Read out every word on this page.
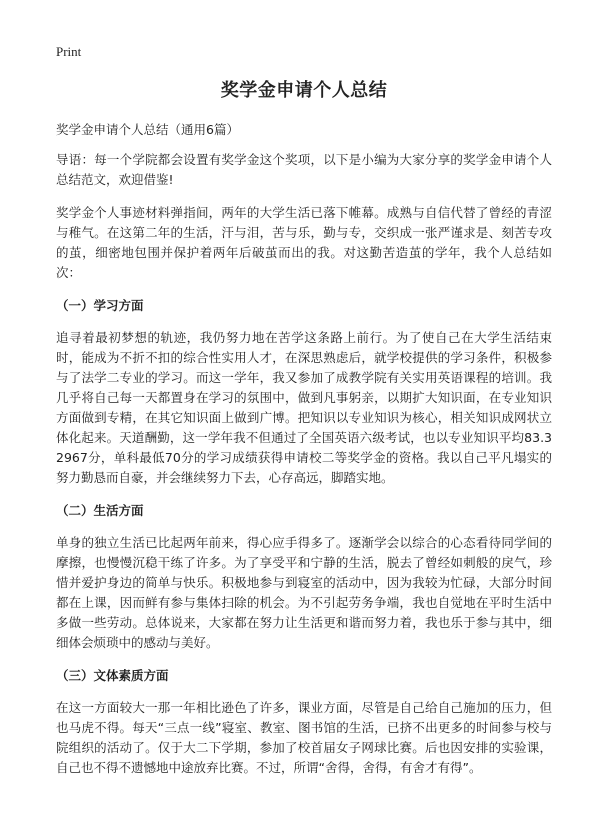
Print
奖学金申请个人总结
奖学金申请个人总结（通用6篇）
导语：每一个学院都会设置有奖学金这个奖项，以下是小编为大家分享的奖学金申请个人总结范文，欢迎借鉴!
奖学金个人事迹材料弹指间，两年的大学生活已落下帷幕。成熟与自信代替了曾经的青涩与稚气。在这第二年的生活，汗与泪，苦与乐，勤与专，交织成一张严谨求是、刻苦专攻的茧，细密地包围并保护着两年后破茧而出的我。对这勤苦造茧的学年，我个人总结如次：
（一）学习方面
追寻着最初梦想的轨迹，我仍努力地在苦学这条路上前行。为了使自己在大学生活结束时，能成为不折不扣的综合性实用人才，在深思熟虑后，就学校提供的学习条件，积极参与了法学二专业的学习。而这一学年，我又参加了成教学院有关实用英语课程的培训。我几乎将自己每一天都置身在学习的氛围中，做到凡事躬亲，以期扩大知识面，在专业知识方面做到专精，在其它知识面上做到广博。把知识以专业知识为核心，相关知识成网状立体化起来。天道酬勤，这一学年我不但通过了全国英语六级考试，也以专业知识平均83.32967分，单科最低70分的学习成绩获得申请校二等奖学金的资格。我以自己平凡塌实的努力勤恳而自豪，并会继续努力下去，心存高远，脚踏实地。
（二）生活方面
单身的独立生活已比起两年前来，得心应手得多了。逐渐学会以综合的心态看待同学间的摩擦，也慢慢沉稳干练了许多。为了享受平和宁静的生活，脱去了曾经如刺般的戾气，珍惜并爱护身边的简单与快乐。积极地参与到寝室的活动中，因为我较为忙碌，大部分时间都在上课，因而鲜有参与集体扫除的机会。为不引起劳务争端，我也自觉地在平时生活中多做一些劳动。总体说来，大家都在努力让生活更和谐而努力着，我也乐于参与其中，细细体会烦琐中的感动与美好。
（三）文体素质方面
在这一方面较大一那一年相比逊色了许多，课业方面，尽管是自己给自己施加的压力，但也马虎不得。每天“三点一线”寝室、教室、图书馆的生活，已挤不出更多的时间参与校与院组织的活动了。仅于大二下学期，参加了校首届女子网球比赛。后也因安排的实验课，自己也不得不遗憾地中途放弃比赛。不过，所谓“舍得，舍得，有舍才有得”。
